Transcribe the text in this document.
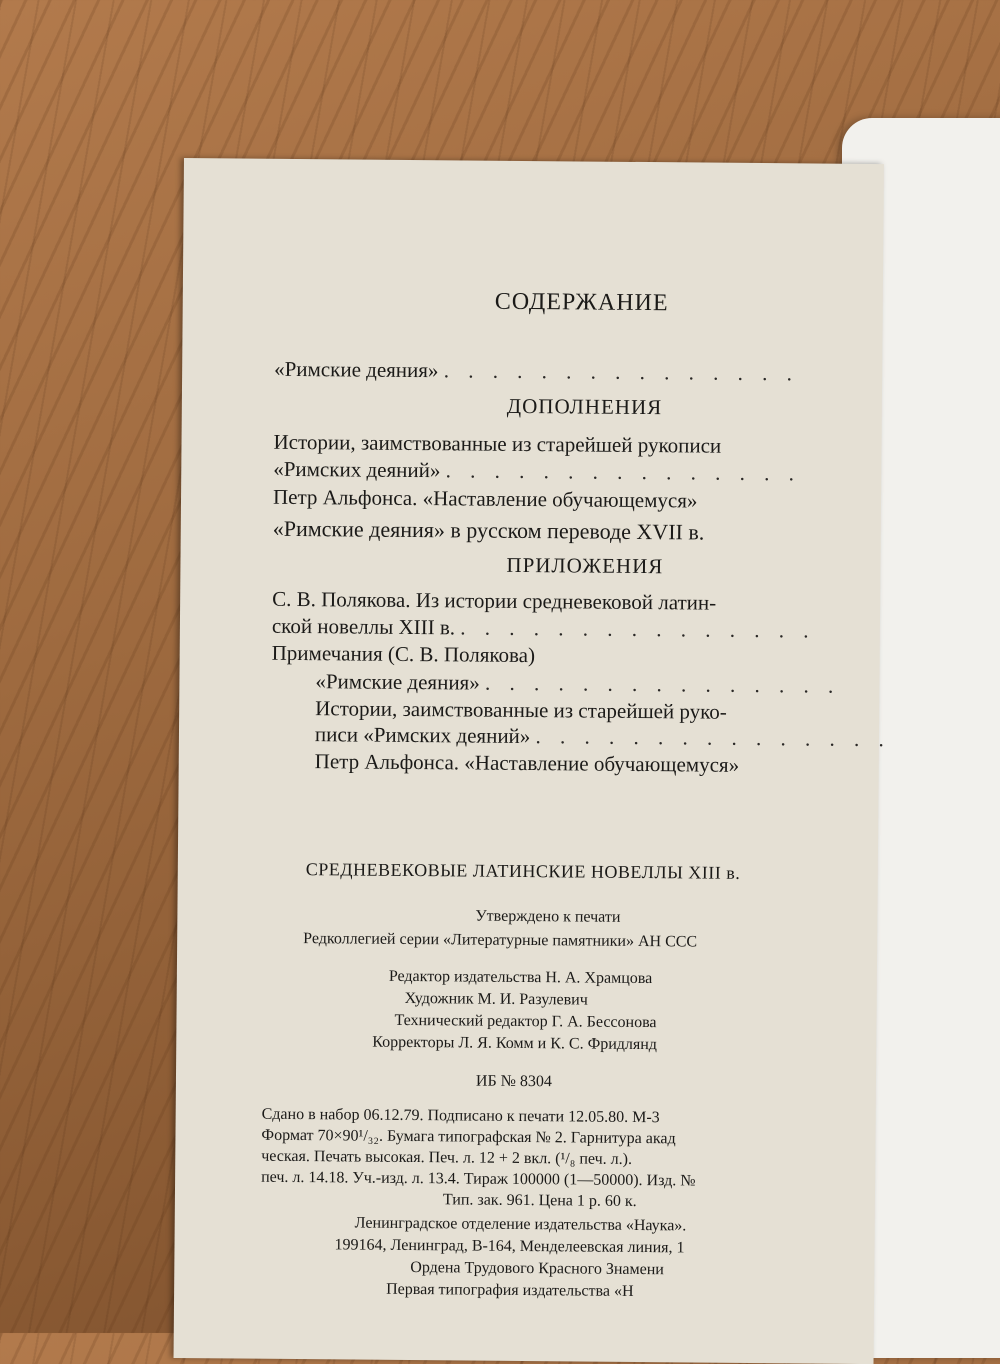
СОДЕРЖАНИЕ
«Римские деяния» . . . . . . . . . . . . . . .
ДОПОЛНЕНИЯ
Истории, заимствованные из старейшей рукописи
«Римских деяний» . . . . . . . . . . . . . . .
Петр Альфонса. «Наставление обучающемуся»
«Римские деяния» в русском переводе XVII в.
ПРИЛОЖЕНИЯ
С. В. Полякова. Из истории средневековой латин-
ской новеллы XIII в. . . . . . . . . . . . . . . .
Примечания (С. В. Полякова)
«Римские деяния» . . . . . . . . . . . . . . .
Истории, заимствованные из старейшей руко-
писи «Римских деяний» . . . . . . . . . . . . . . .
Петр Альфонса. «Наставление обучающемуся»
СРЕДНЕВЕКОВЫЕ ЛАТИНСКИЕ НОВЕЛЛЫ XIII в.
Утверждено к печати
Редколлегией серии «Литературные памятники» АН ССС
Редактор издательства Н. А. Храмцова
Художник М. И. Разулевич
Технический редактор Г. А. Бессонова
Корректоры Л. Я. Комм и К. С. Фридлянд
ИБ № 8304
Сдано в набор 06.12.79. Подписано к печати 12.05.80. М-3
Формат 70×90¹/₃₂. Бумага типографская № 2. Гарнитура акад
ческая. Печать высокая. Печ. л. 12 + 2 вкл. (¹/₈ печ. л.).
печ. л. 14.18. Уч.-изд. л. 13.4. Тираж 100000 (1—50000). Изд. №
Тип. зак. 961. Цена 1 р. 60 к.
Ленинградское отделение издательства «Наука».
199164, Ленинград, В-164, Менделеевская линия, 1
Ордена Трудового Красного Знамени
Первая типография издательства «Н
